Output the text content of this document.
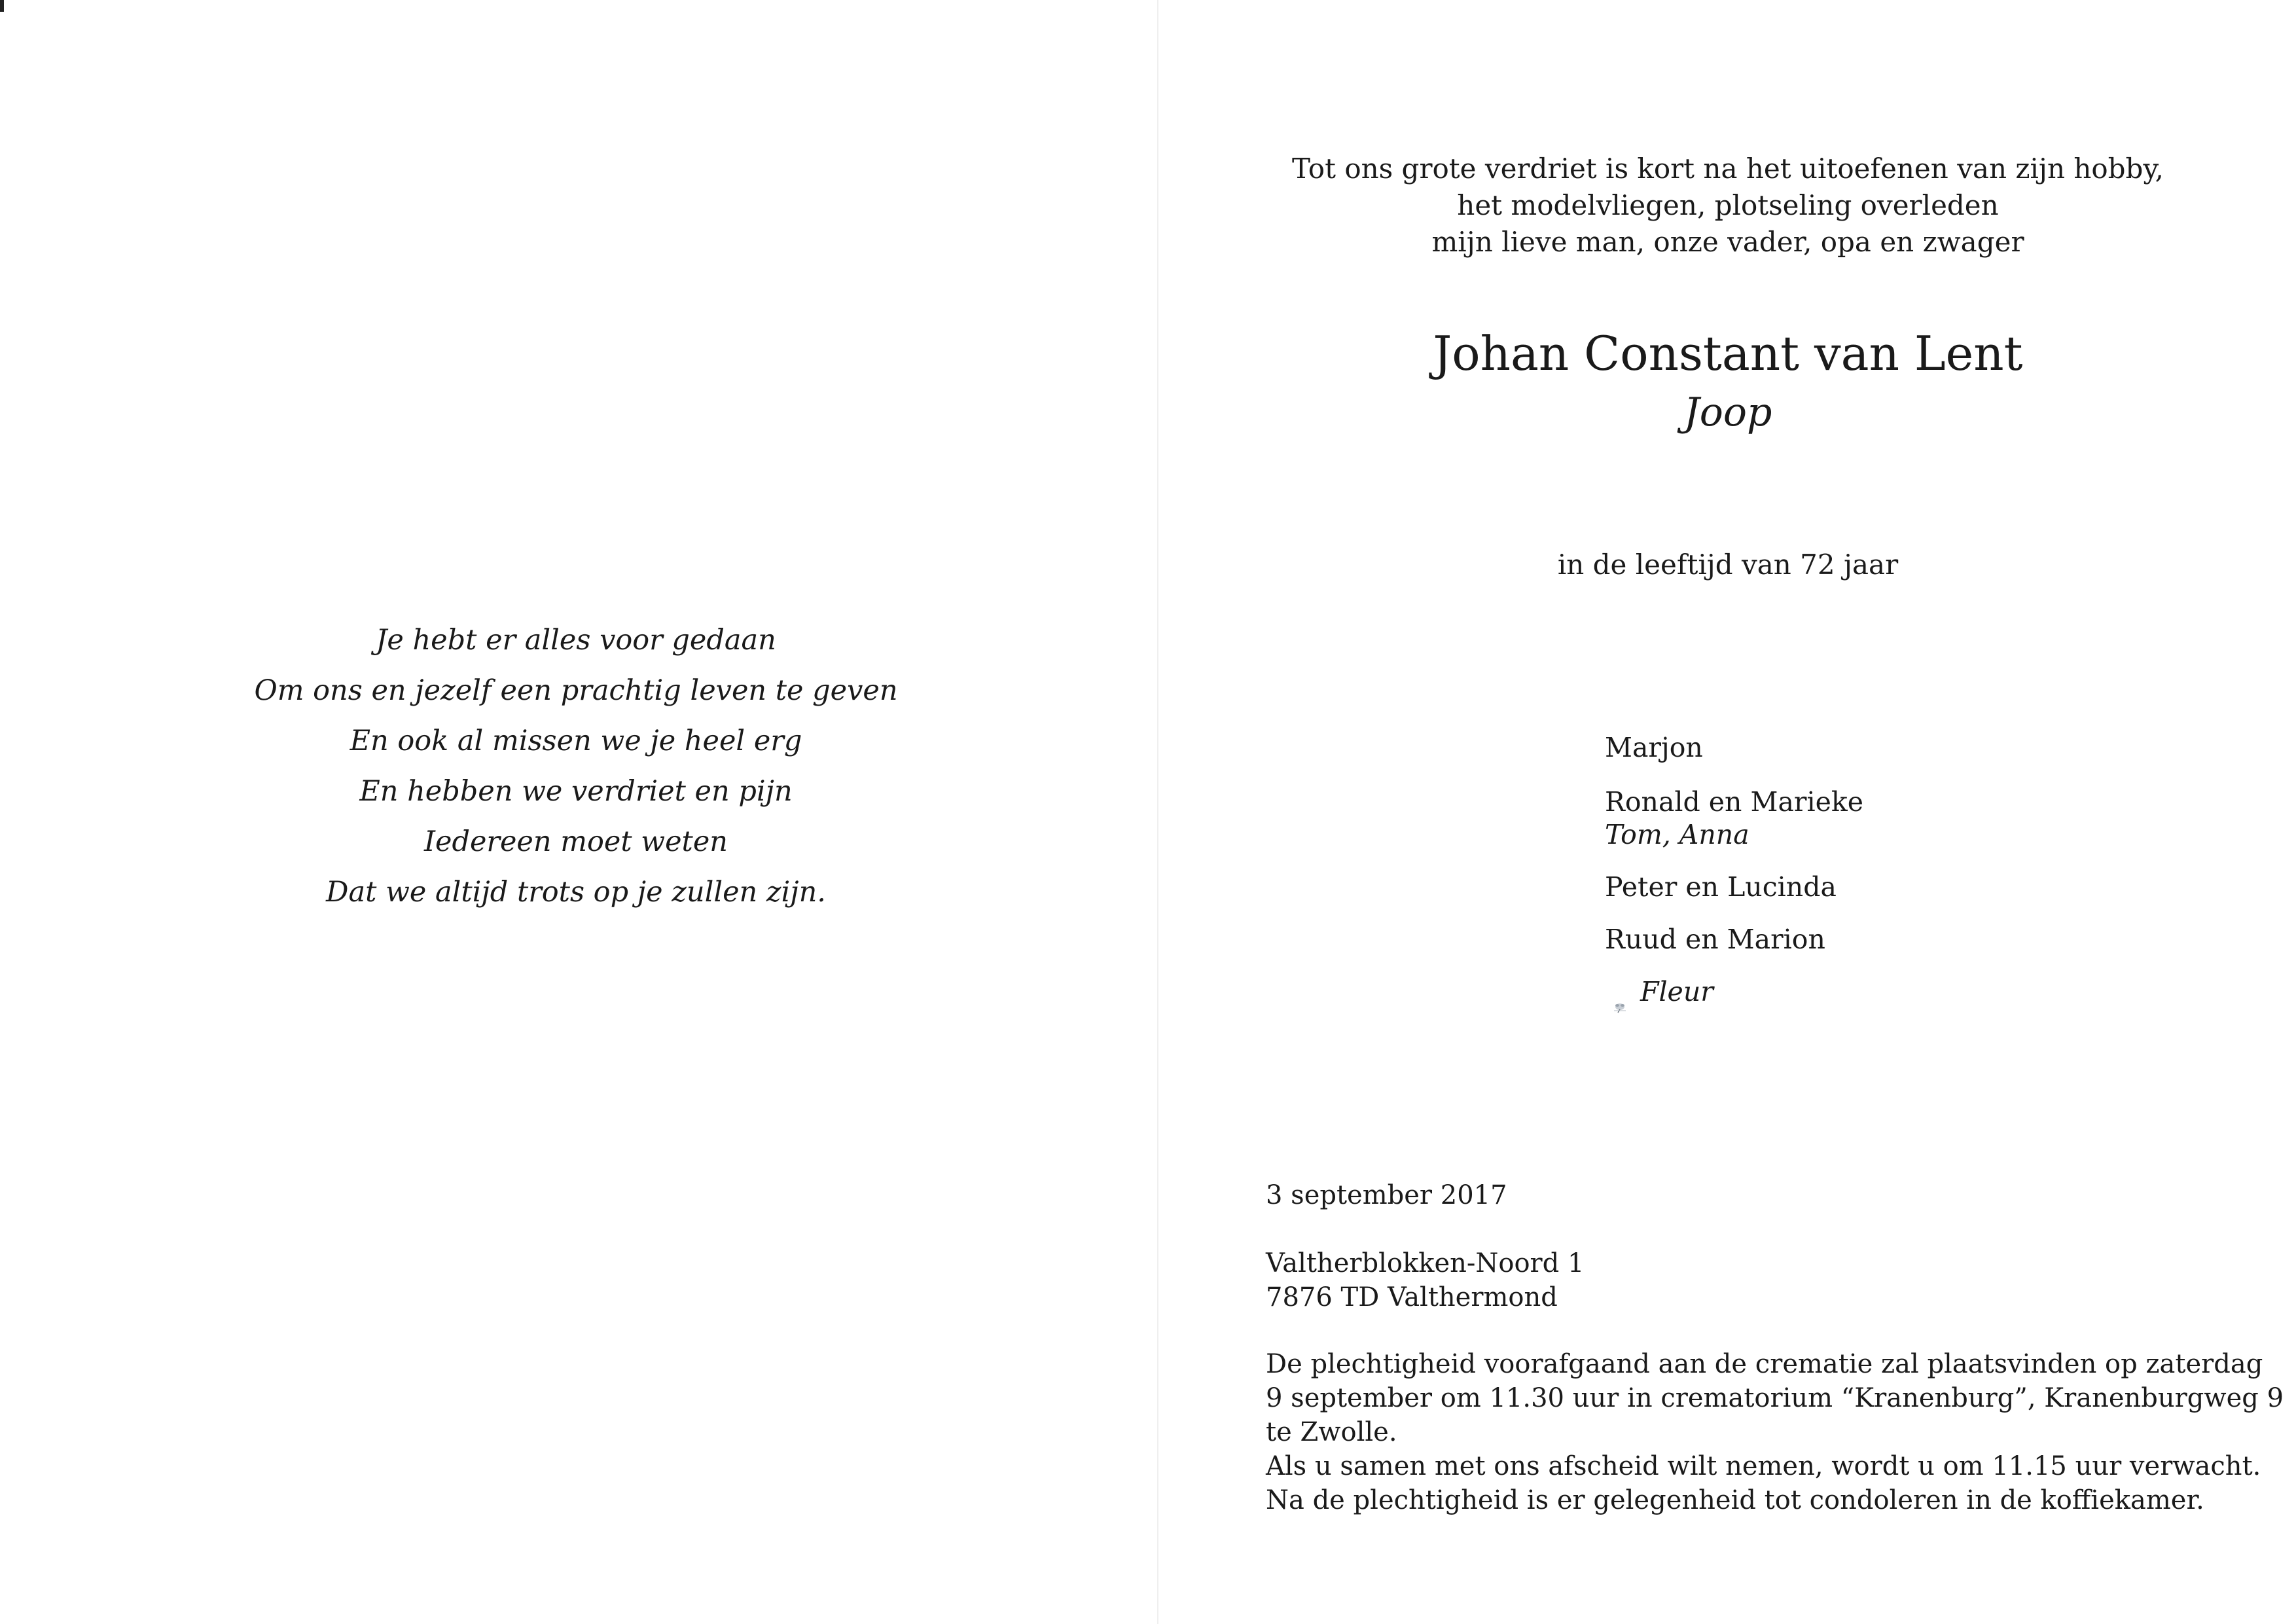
Je hebt er alles voor gedaan
Om ons en jezelf een prachtig leven te geven
En ook al missen we je heel erg
En hebben we verdriet en pijn
Iedereen moet weten
Dat we altijd trots op je zullen zijn.
Tot ons grote verdriet is kort na het uitoefenen van zijn hobby,
het modelvliegen, plotseling overleden
mijn lieve man, onze vader, opa en zwager
Johan Constant van Lent
Joop
in de leeftijd van 72 jaar
Marjon
Ronald en Marieke
Tom, Anna
Peter en Lucinda
Ruud en Marion
Fleur
3 september 2017
Valtherblokken-Noord 1
7876 TD Valthermond
De plechtigheid voorafgaand aan de crematie zal plaatsvinden op zaterdag
9 september om 11.30 uur in crematorium “Kranenburg”, Kranenburgweg 9
te Zwolle.
Als u samen met ons afscheid wilt nemen, wordt u om 11.15 uur verwacht.
Na de plechtigheid is er gelegenheid tot condoleren in de koffiekamer.
